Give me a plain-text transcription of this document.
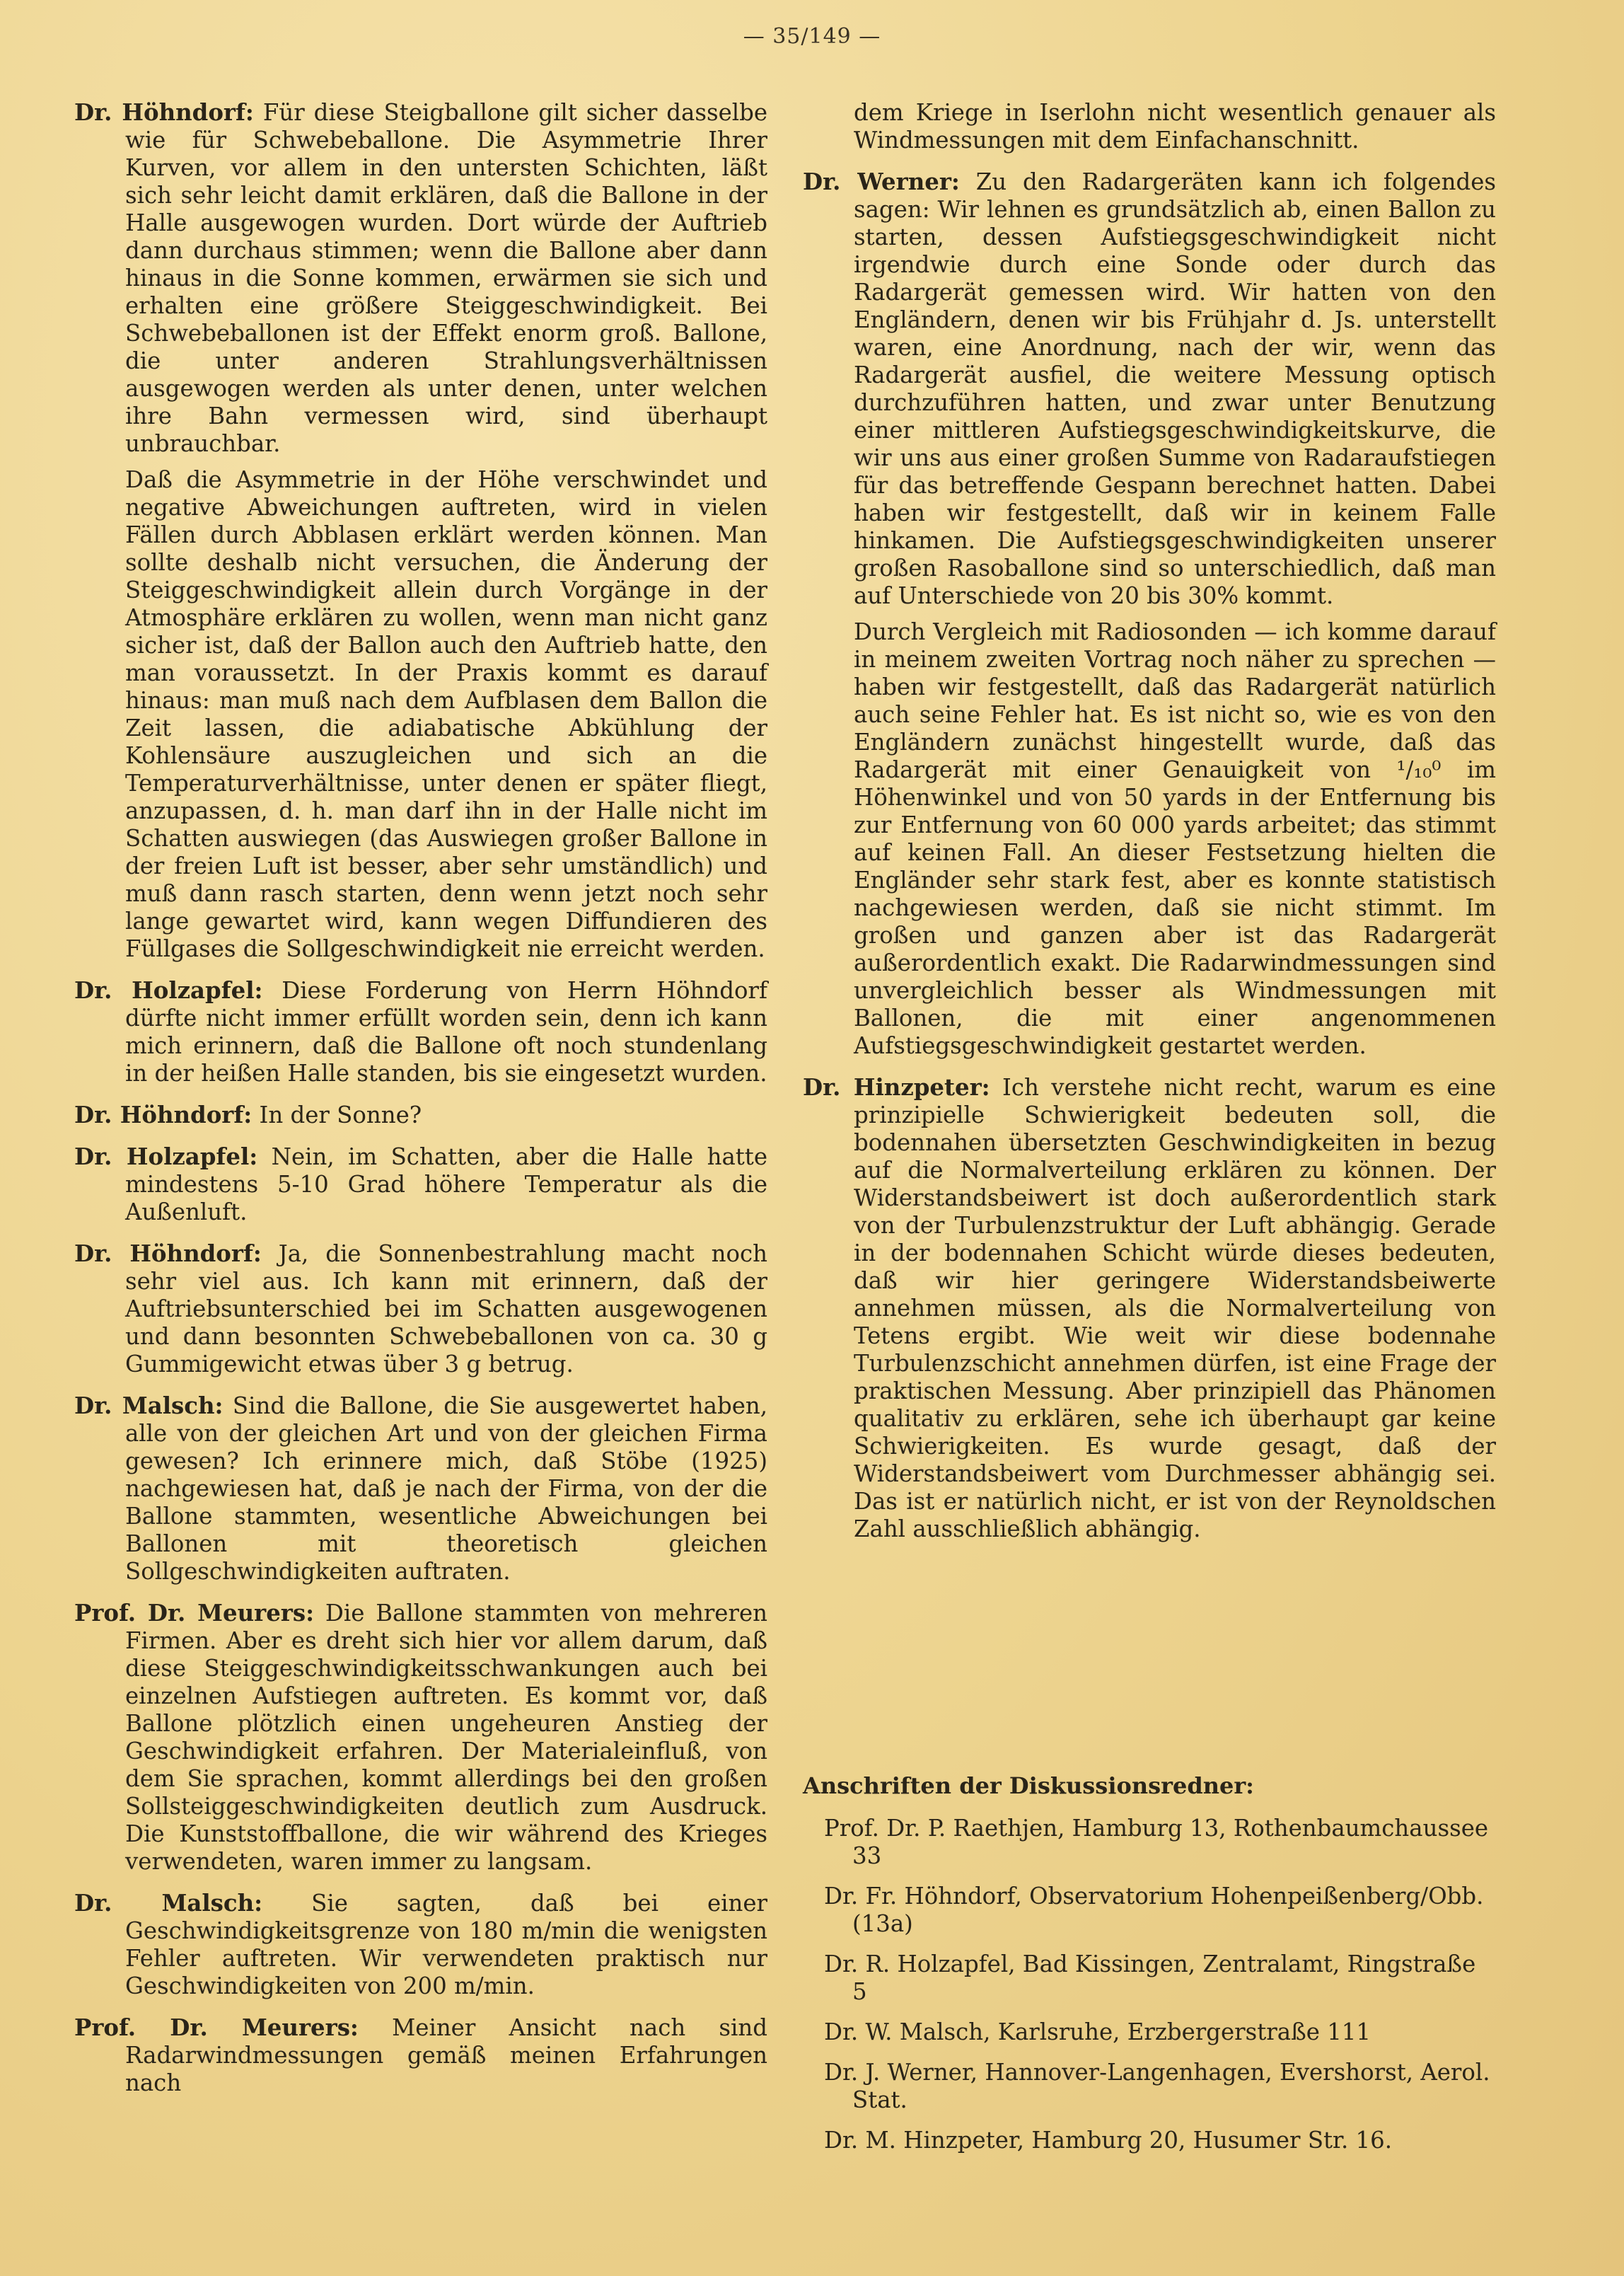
— 35/149 —

Dr. Höhndorf: Für diese Steigballone gilt sicher dasselbe wie für Schwebeballone. Die Asymmetrie Ihrer Kurven, vor allem in den untersten Schichten, läßt sich sehr leicht damit erklären, daß die Ballone in der Halle ausgewogen wurden. Dort würde der Auftrieb dann durchaus stimmen; wenn die Ballone aber dann hinaus in die Sonne kommen, erwärmen sie sich und erhalten eine größere Steiggeschwindigkeit. Bei Schwebeballonen ist der Effekt enorm groß. Ballone, die unter anderen Strahlungsverhältnissen ausgewogen werden als unter denen, unter welchen ihre Bahn vermessen wird, sind überhaupt unbrauchbar.

Daß die Asymmetrie in der Höhe verschwindet und negative Abweichungen auftreten, wird in vielen Fällen durch Abblasen erklärt werden können. Man sollte deshalb nicht versuchen, die Änderung der Steiggeschwindigkeit allein durch Vorgänge in der Atmosphäre erklären zu wollen, wenn man nicht ganz sicher ist, daß der Ballon auch den Auftrieb hatte, den man voraussetzt. In der Praxis kommt es darauf hinaus: man muß nach dem Aufblasen dem Ballon die Zeit lassen, die adiabatische Abkühlung der Kohlensäure auszugleichen und sich an die Temperaturverhältnisse, unter denen er später fliegt, anzupassen, d. h. man darf ihn in der Halle nicht im Schatten auswiegen (das Auswiegen großer Ballone in der freien Luft ist besser, aber sehr umständlich) und muß dann rasch starten, denn wenn jetzt noch sehr lange gewartet wird, kann wegen Diffundieren des Füllgases die Sollgeschwindigkeit nie erreicht werden.

Dr. Holzapfel: Diese Forderung von Herrn Höhndorf dürfte nicht immer erfüllt worden sein, denn ich kann mich erinnern, daß die Ballone oft noch stundenlang in der heißen Halle standen, bis sie eingesetzt wurden.

Dr. Höhndorf: In der Sonne?

Dr. Holzapfel: Nein, im Schatten, aber die Halle hatte mindestens 5-10 Grad höhere Temperatur als die Außenluft.

Dr. Höhndorf: Ja, die Sonnenbestrahlung macht noch sehr viel aus. Ich kann mit erinnern, daß der Auftriebsunterschied bei im Schatten ausgewogenen und dann besonnten Schwebeballonen von ca. 30 g Gummigewicht etwas über 3 g betrug.

Dr. Malsch: Sind die Ballone, die Sie ausgewertet haben, alle von der gleichen Art und von der gleichen Firma gewesen? Ich erinnere mich, daß Stöbe (1925) nachgewiesen hat, daß je nach der Firma, von der die Ballone stammten, wesentliche Abweichungen bei Ballonen mit theoretisch gleichen Sollgeschwindigkeiten auftraten.

Prof. Dr. Meurers: Die Ballone stammten von mehreren Firmen. Aber es dreht sich hier vor allem darum, daß diese Steiggeschwindigkeitsschwankungen auch bei einzelnen Aufstiegen auftreten. Es kommt vor, daß Ballone plötzlich einen ungeheuren Anstieg der Geschwindigkeit erfahren. Der Materialeinfluß, von dem Sie sprachen, kommt allerdings bei den großen Sollsteiggeschwindigkeiten deutlich zum Ausdruck. Die Kunststoffballone, die wir während des Krieges verwendeten, waren immer zu langsam.

Dr. Malsch: Sie sagten, daß bei einer Geschwindigkeitsgrenze von 180 m/min die wenigsten Fehler auftreten. Wir verwendeten praktisch nur Geschwindigkeiten von 200 m/min.

Prof. Dr. Meurers: Meiner Ansicht nach sind Radarwindmessungen gemäß meinen Erfahrungen nach

dem Kriege in Iserlohn nicht wesentlich genauer als Windmessungen mit dem Einfachanschnitt.

Dr. Werner: Zu den Radargeräten kann ich folgendes sagen: Wir lehnen es grundsätzlich ab, einen Ballon zu starten, dessen Aufstiegsgeschwindigkeit nicht irgendwie durch eine Sonde oder durch das Radargerät gemessen wird. Wir hatten von den Engländern, denen wir bis Frühjahr d. Js. unterstellt waren, eine Anordnung, nach der wir, wenn das Radargerät ausfiel, die weitere Messung optisch durchzuführen hatten, und zwar unter Benutzung einer mittleren Aufstiegsgeschwindigkeitskurve, die wir uns aus einer großen Summe von Radaraufstiegen für das betreffende Gespann berechnet hatten. Dabei haben wir festgestellt, daß wir in keinem Falle hinkamen. Die Aufstiegsgeschwindigkeiten unserer großen Rasoballone sind so unterschiedlich, daß man auf Unterschiede von 20 bis 30% kommt.

Durch Vergleich mit Radiosonden — ich komme darauf in meinem zweiten Vortrag noch näher zu sprechen — haben wir festgestellt, daß das Radargerät natürlich auch seine Fehler hat. Es ist nicht so, wie es von den Engländern zunächst hingestellt wurde, daß das Radargerät mit einer Genauigkeit von ¹/₁₀⁰ im Höhenwinkel und von 50 yards in der Entfernung bis zur Entfernung von 60 000 yards arbeitet; das stimmt auf keinen Fall. An dieser Festsetzung hielten die Engländer sehr stark fest, aber es konnte statistisch nachgewiesen werden, daß sie nicht stimmt. Im großen und ganzen aber ist das Radargerät außerordentlich exakt. Die Radarwindmessungen sind unvergleichlich besser als Windmessungen mit Ballonen, die mit einer angenommenen Aufstiegsgeschwindigkeit gestartet werden.

Dr. Hinzpeter: Ich verstehe nicht recht, warum es eine prinzipielle Schwierigkeit bedeuten soll, die bodennahen übersetzten Geschwindigkeiten in bezug auf die Normalverteilung erklären zu können. Der Widerstandsbeiwert ist doch außerordentlich stark von der Turbulenzstruktur der Luft abhängig. Gerade in der bodennahen Schicht würde dieses bedeuten, daß wir hier geringere Widerstandsbeiwerte annehmen müssen, als die Normalverteilung von Tetens ergibt. Wie weit wir diese bodennahe Turbulenzschicht annehmen dürfen, ist eine Frage der praktischen Messung. Aber prinzipiell das Phänomen qualitativ zu erklären, sehe ich überhaupt gar keine Schwierigkeiten. Es wurde gesagt, daß der Widerstandsbeiwert vom Durchmesser abhängig sei. Das ist er natürlich nicht, er ist von der Reynoldschen Zahl ausschließlich abhängig.

Anschriften der Diskussionsredner:
Prof. Dr. P. Raethjen, Hamburg 13, Rothenbaumchaussee 33
Dr. Fr. Höhndorf, Observatorium Hohenpeißenberg/Obb. (13a)
Dr. R. Holzapfel, Bad Kissingen, Zentralamt, Ringstraße 5
Dr. W. Malsch, Karlsruhe, Erzbergerstraße 111
Dr. J. Werner, Hannover-Langenhagen, Evershorst, Aerol. Stat.
Dr. M. Hinzpeter, Hamburg 20, Husumer Str. 16.
